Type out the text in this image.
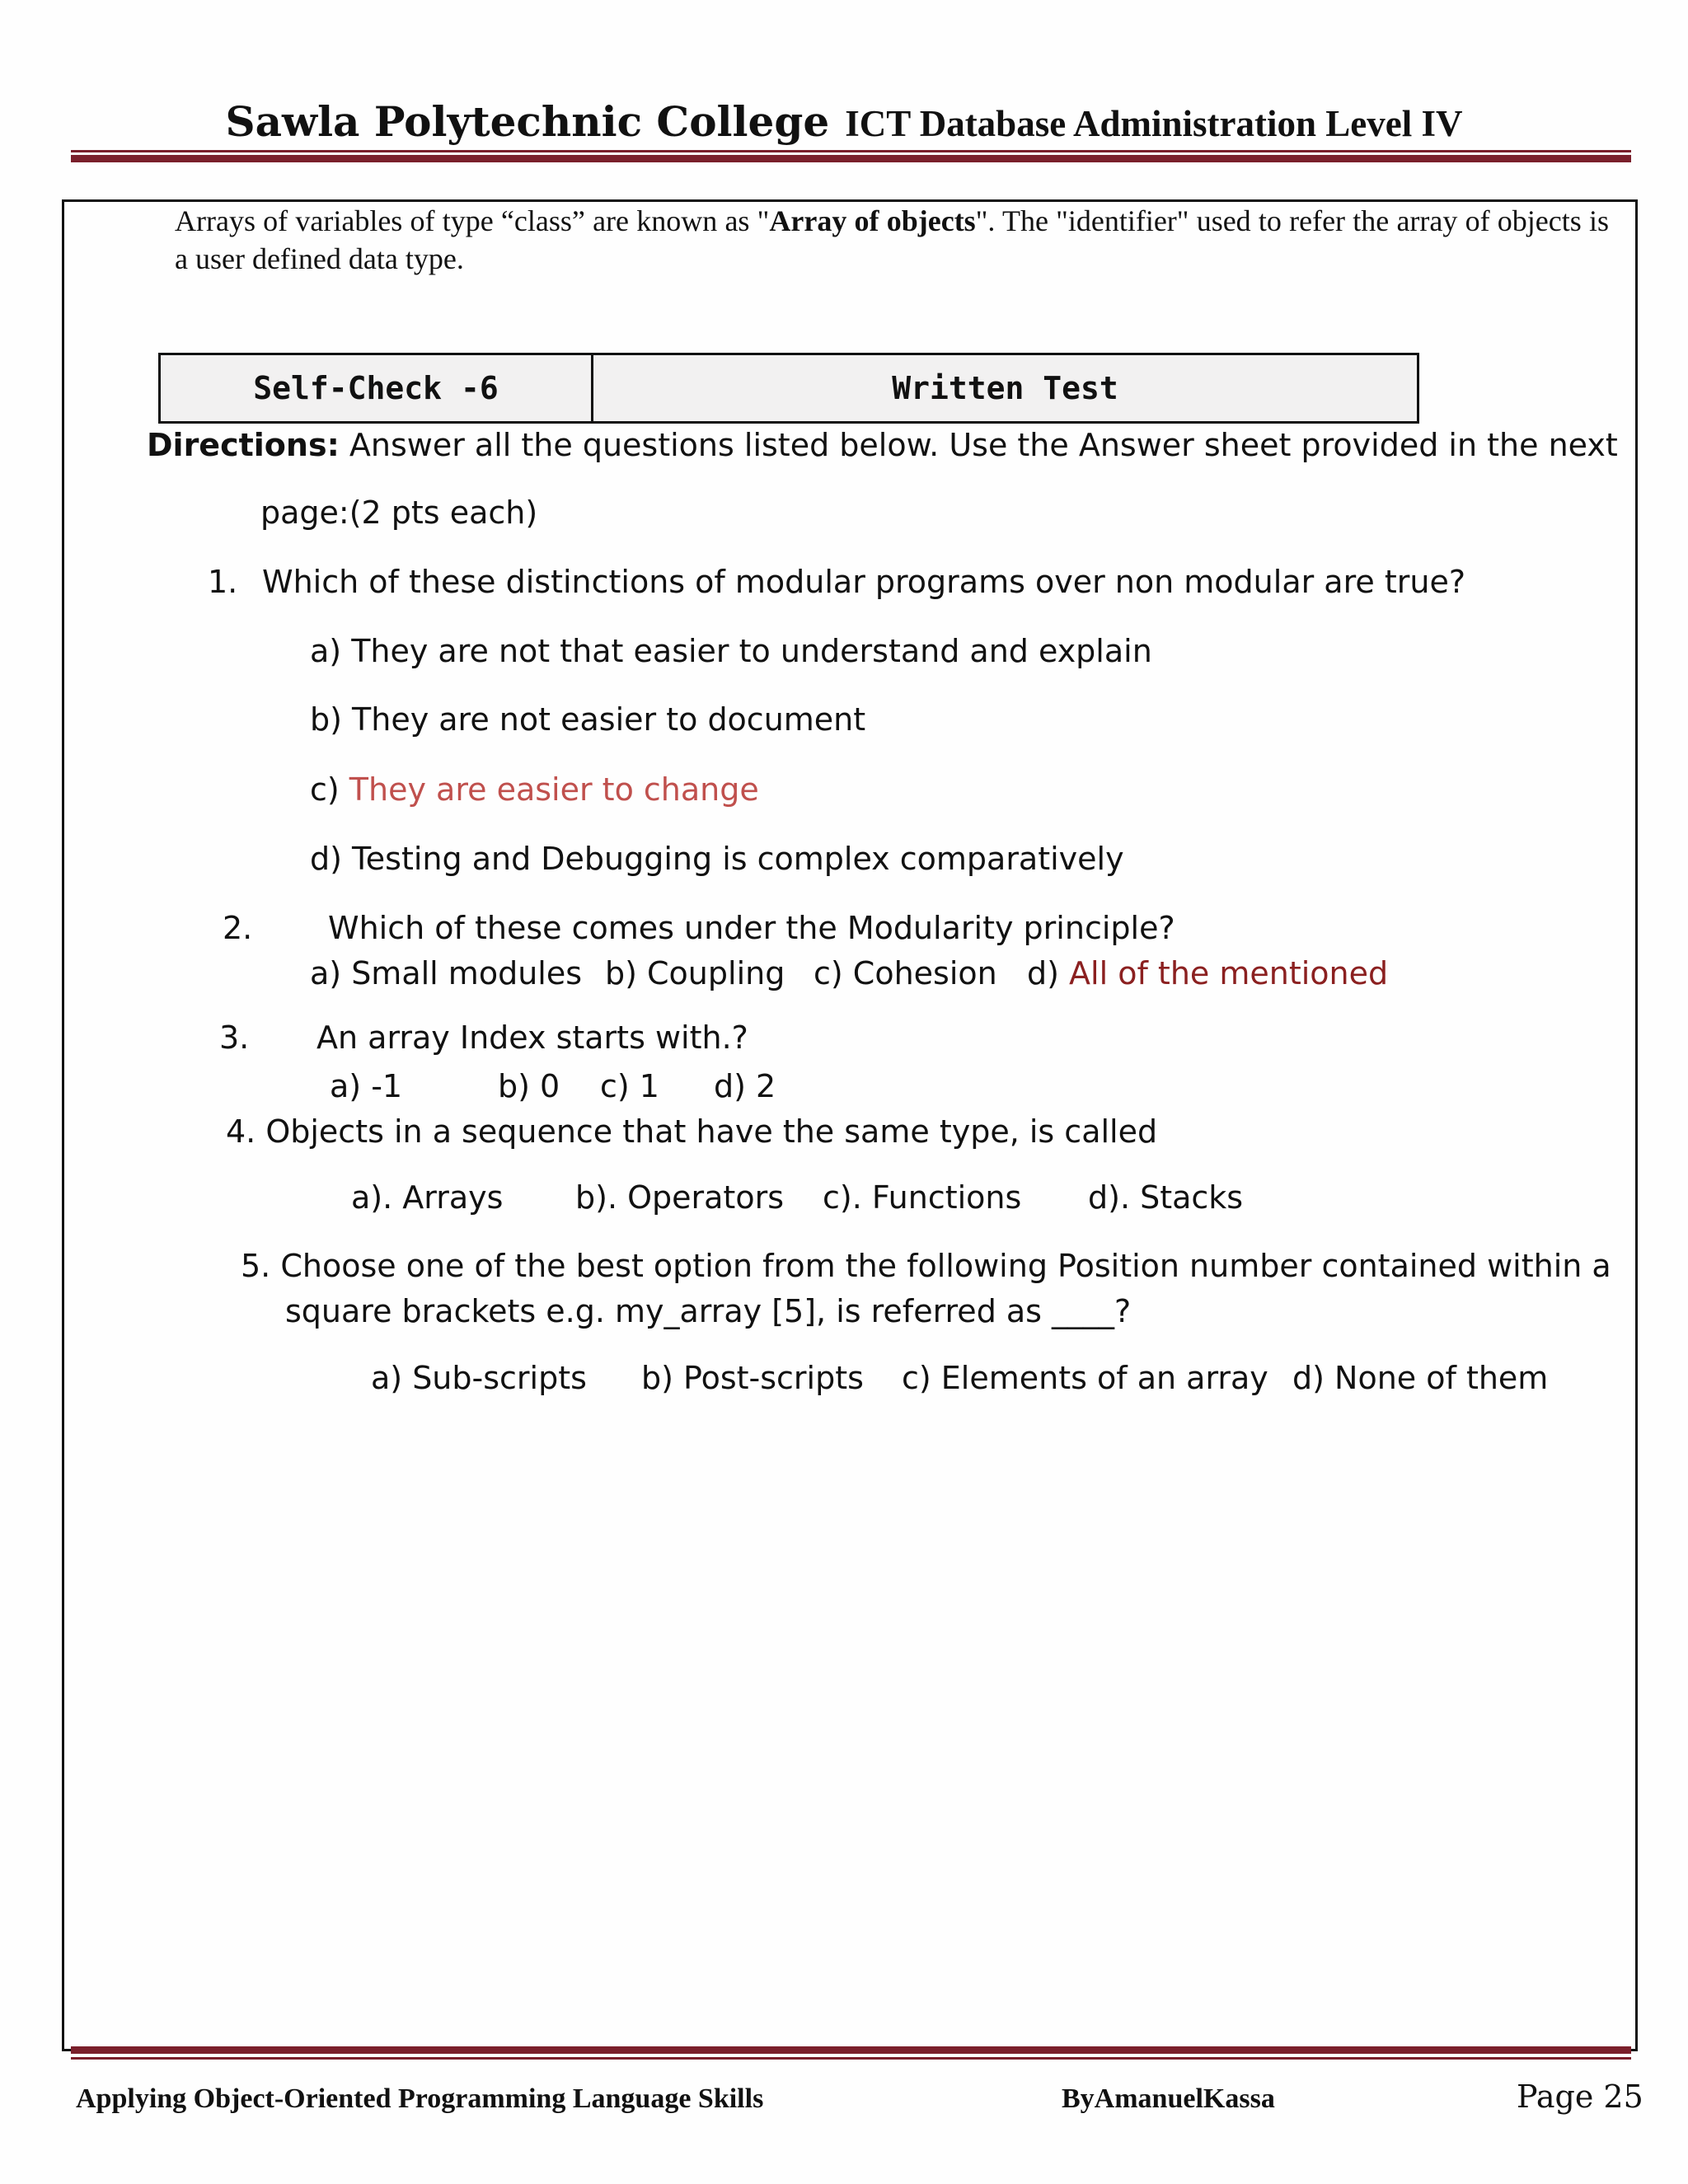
Sawla Polytechnic College ICT Database Administration Level IV
Arrays of variables of type “class” are known as "Array of objects". The "identifier" used to refer the array of objects is a user defined data type.
Self-Check -6	Written Test
Directions: Answer all the questions listed below. Use the Answer sheet provided in the next
page:(2 pts each)
1. Which of these distinctions of modular programs over non modular are true?
a) They are not that easier to understand and explain
b) They are not easier to document
c) They are easier to change
d) Testing and Debugging is complex comparatively
2. Which of these comes under the Modularity principle?
a) Small modules b) Coupling c) Cohesion d) All of the mentioned
3. An array Index starts with.?
a) -1	b) 0 c) 1 d) 2
4. Objects in a sequence that have the same type, is called
a). Arrays b). Operators c). Functions d). Stacks
5. Choose one of the best option from the following Position number contained within a
square brackets e.g. my_array [5], is referred as ____?
a) Sub-scripts b) Post-scripts c) Elements of an array d) None of them
Applying Object-Oriented Programming Language Skills	ByAmanuelKassa	Page 25
